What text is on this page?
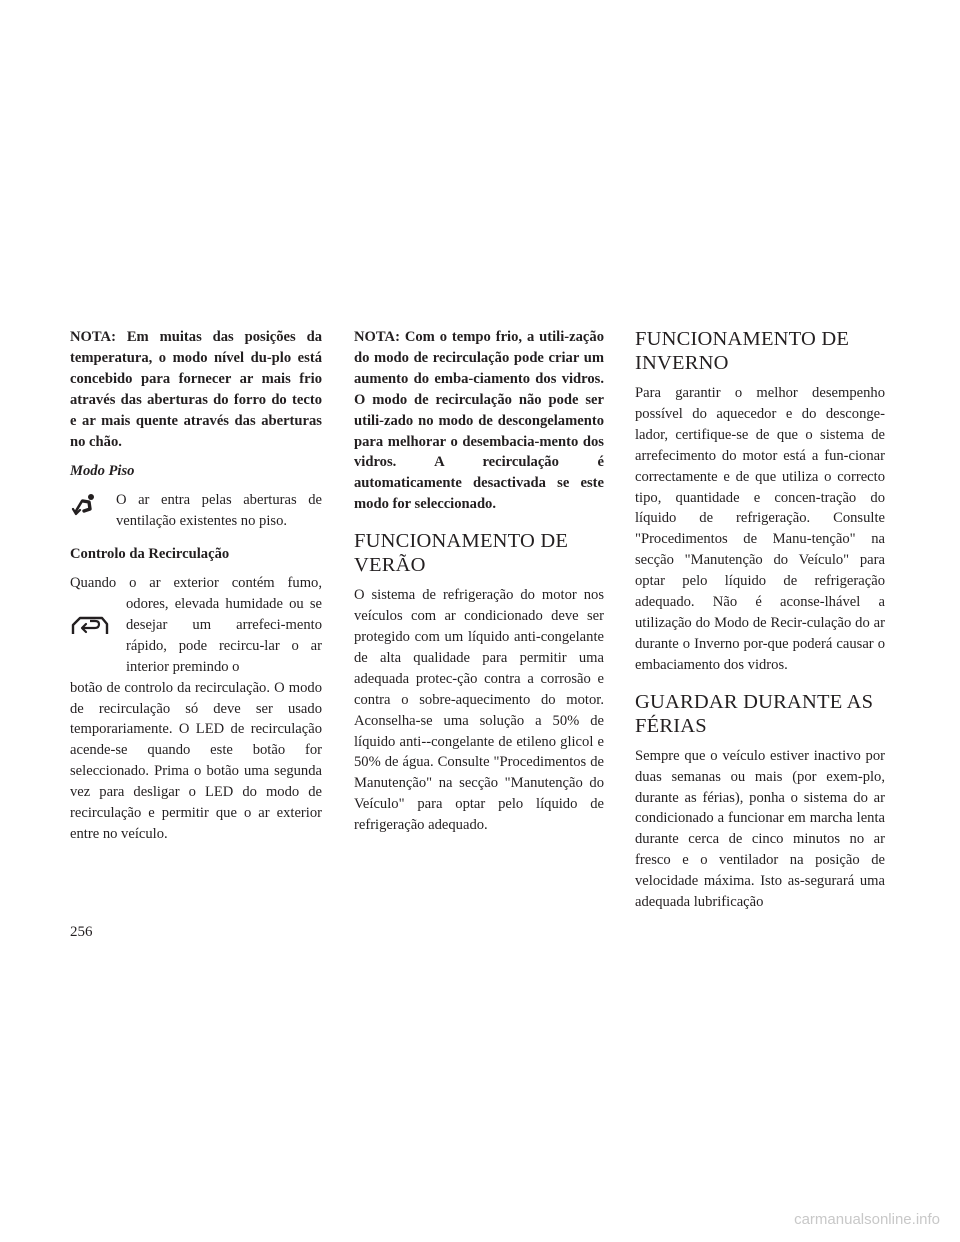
NOTA: Em muitas das posições da temperatura, o modo nível du-plo está concebido para fornecer ar mais frio através das aberturas do forro do tecto e ar mais quente através das aberturas no chão.

Modo Piso

O ar entra pelas aberturas de ventilação existentes no piso.

Controlo da Recirculação

Quando o ar exterior contém fumo,

odores, elevada humidade ou se desejar um arrefeci-mento rápido, pode recircu-lar o ar interior premindo o

botão de controlo da recirculação. O modo de recirculação só deve ser usado temporariamente. O LED de recirculação acende-se quando este botão for seleccionado. Prima o botão uma segunda vez para desligar o LED do modo de recirculação e permitir que o ar exterior entre no veículo.

NOTA: Com o tempo frio, a utili-zação do modo de recirculação pode criar um aumento do emba-ciamento dos vidros. O modo de recirculação não pode ser utili-zado no modo de descongelamento para melhorar o desembacia-mento dos vidros. A recirculação é automaticamente desactivada se este modo for seleccionado.

FUNCIONAMENTO DE VERÃO

O sistema de refrigeração do motor nos veículos com ar condicionado deve ser protegido com um líquido anti-congelante de alta qualidade para permitir uma adequada protec-ção contra a corrosão e contra o sobre-aquecimento do motor. Aconselha-se uma solução a 50% de líquido anti--congelante de etileno glicol e 50% de água. Consulte "Procedimentos de Manutenção" na secção "Manutenção do Veículo" para optar pelo líquido de refrigeração adequado.

FUNCIONAMENTO DE INVERNO

Para garantir o melhor desempenho possível do aquecedor e do desconge-lador, certifique-se de que o sistema de arrefecimento do motor está a fun-cionar correctamente e de que utiliza o correcto tipo, quantidade e concen-tração do líquido de refrigeração. Consulte "Procedimentos de Manu-tenção" na secção "Manutenção do Veículo" para optar pelo líquido de refrigeração adequado. Não é aconse-lhável a utilização do Modo de Recir-culação do ar durante o Inverno por-que poderá causar o embaciamento dos vidros.

GUARDAR DURANTE AS FÉRIAS

Sempre que o veículo estiver inactivo por duas semanas ou mais (por exem-plo, durante as férias), ponha o sistema do ar condicionado a funcionar em marcha lenta durante cerca de cinco minutos no ar fresco e o ventilador na posição de velocidade máxima. Isto as-segurará uma adequada lubrificação

256
carmanualsonline.info
